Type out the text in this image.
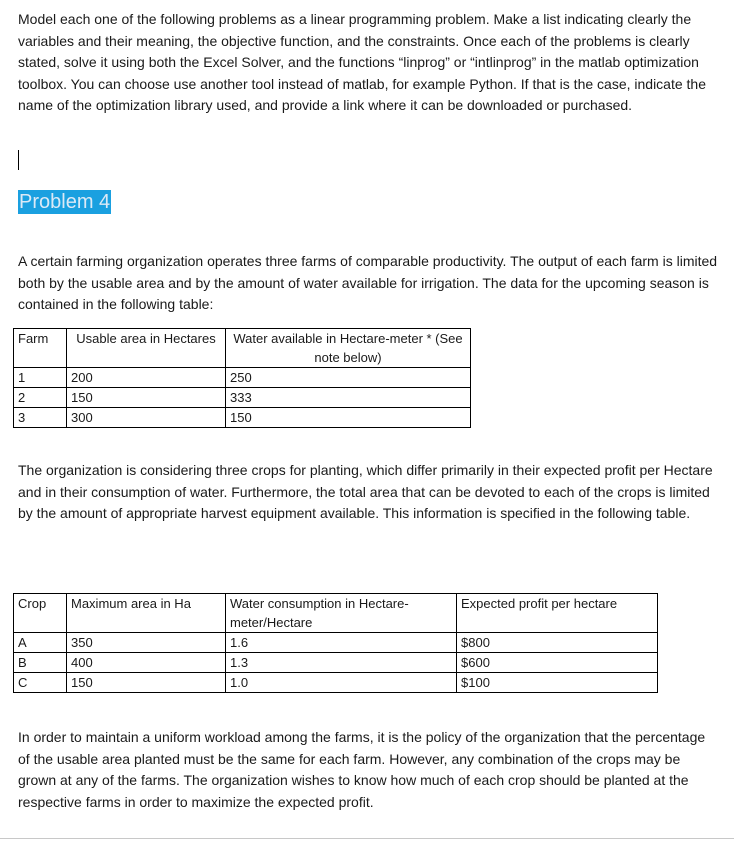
Model each one of the following problems as a linear programming problem. Make a list indicating clearly the variables and their meaning, the objective function, and the constraints. Once each of the problems is clearly stated, solve it using both the Excel Solver, and the functions “linprog” or “intlinprog” in the matlab optimization toolbox. You can choose use another tool instead of matlab, for example Python. If that is the case, indicate the name of the optimization library used, and provide a link where it can be downloaded or purchased.

Problem 4

A certain farming organization operates three farms of comparable productivity. The output of each farm is limited both by the usable area and by the amount of water available for irrigation. The data for the upcoming season is contained in the following table:

Farm	Usable area in Hectares	Water available in Hectare-meter * (See note below)
1	200	250
2	150	333
3	300	150

The organization is considering three crops for planting, which differ primarily in their expected profit per Hectare and in their consumption of water. Furthermore, the total area that can be devoted to each of the crops is limited by the amount of appropriate harvest equipment available. This information is specified in the following table.

Crop	Maximum area in Ha	Water consumption in Hectare-meter/Hectare	Expected profit per hectare
A	350	1.6	$800
B	400	1.3	$600
C	150	1.0	$100

In order to maintain a uniform workload among the farms, it is the policy of the organization that the percentage of the usable area planted must be the same for each farm. However, any combination of the crops may be grown at any of the farms. The organization wishes to know how much of each crop should be planted at the respective farms in order to maximize the expected profit.
